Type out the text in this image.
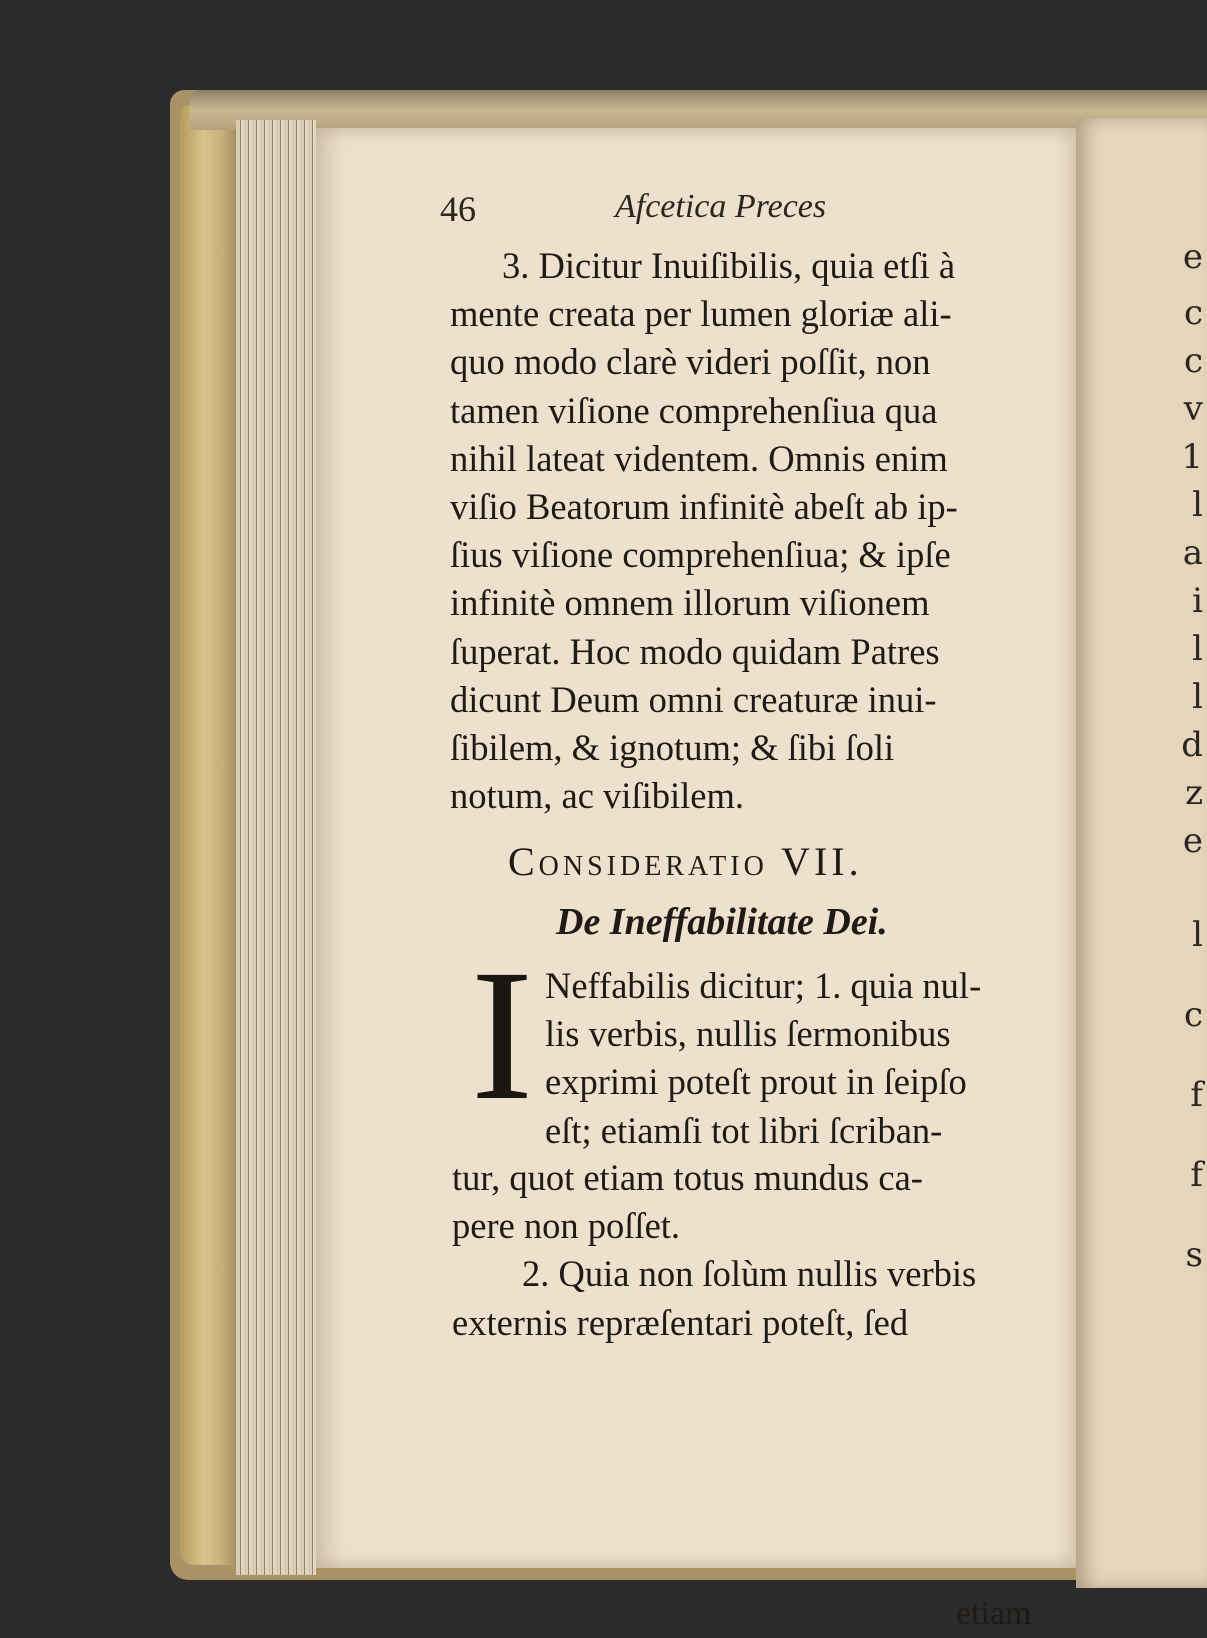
e
c
c
v
1
l
a
i
l
l
d
z
e
l
c
f
f
s
46	Afcetica Preces
3. Dicitur Inuiſibilis, quia etſi à
mente creata per lumen gloriæ ali-
quo modo clarè videri poſſit, non
tamen viſione comprehenſiua qua
nihil lateat videntem. Omnis enim
viſio Beatorum infinitè abeſt ab ip-
ſius viſione comprehenſiua; & ipſe
infinitè omnem illorum viſionem
ſuperat. Hoc modo quidam Patres
dicunt Deum omni creaturæ inui-
ſibilem, & ignotum; & ſibi ſoli
notum, ac viſibilem.
Consideratio VII.
De Ineffabilitate Dei.
I Neffabilis dicitur; 1. quia nul-
lis verbis, nullis ſermonibus
exprimi poteſt prout in ſeipſo
eſt; etiamſi tot libri ſcriban-
tur, quot etiam totus mundus ca-
pere non poſſet.
2. Quia non ſolùm nullis verbis
externis repræſentari poteſt, ſed
etiam
